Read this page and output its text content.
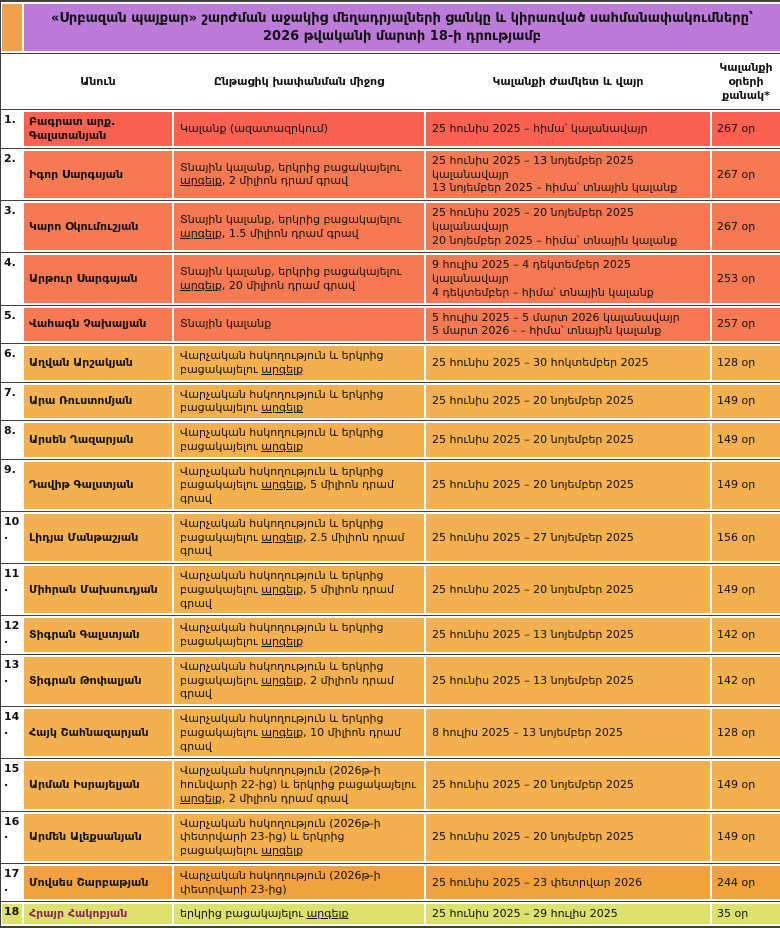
	«Սրբազան պայքար» շարժման աջակից մեղադրյալների ցանկը և կիրառված սահմանափակումները՝ 2026 թվականի մարտի 18-ի դրությամբ			
	Անուն	Ընթացիկ խափանման միջոց	Կալանքի ժամկետ և վայր	Կալանքի օրերի քանակ*
1.	Բագրատ արք. Գալստանյան	Կալանք (ազատազրկում)	25 հունիս 2025 – հիմա՝ կալանավայր	267 օր
2.	Իգոր Սարգսյան	Տնային կալանք, երկրից բացակայելու արգելք, 2 միլիոն դրամ գրավ	25 հունիս 2025 – 13 նոյեմբեր 2025 կալանավայր
13 նոյեմբեր 2025 – հիմա՝ տնային կալանք	267 օր
3.	Կարո Օկումուշյան	Տնային կալանք, երկրից բացակայելու արգելք, 1.5 միլիոն դրամ գրավ	25 հունիս 2025 – 20 նոյեմբեր 2025 կալանավայր
20 նոյեմբեր 2025 – հիմա՝ տնային կալանք	267 օր
4.	Արթուր Սարգսյան	Տնային կալանք, երկրից բացակայելու արգելք, 20 միլիոն դրամ գրավ	9 հուլիս 2025 – 4 դեկտեմբեր 2025 կալանավայր
4 դեկտեմբեր – հիմա՝ տնային կալանք	253 օր
5.	Վահագն Չախալյան	Տնային կալանք	5 հուլիս 2025 – 5 մարտ 2026 կալանավայր
5 մարտ 2026 - – հիմա՝ տնային կալանք	257 օր
6.	Աղվան Արշակյան	Վարչական հսկողություն և երկրից բացակայելու արգելք	25 հունիս 2025 – 30 հոկտեմբեր 2025	128 օր
7.	Արա Ռուստոմյան	Վարչական հսկողություն և երկրից բացակայելու արգելք	25 հունիս 2025 – 20 նոյեմբեր 2025	149 օր
8.	Արսեն Ղազարյան	Վարչական հսկողություն և երկրից բացակայելու արգելք	25 հունիս 2025 – 20 նոյեմբեր 2025	149 օր
9.	Դավիթ Գալստյան	Վարչական հսկողություն և երկրից բացակայելու արգելք, 5 միլիոն դրամ գրավ	25 հունիս 2025 – 20 նոյեմբեր 2025	149 օր
10.	Լիդյա Մանթաշյան	Վարչական հսկողություն և երկրից բացակայելու արգելք, 2.5 միլիոն դրամ գրավ	25 հունիս 2025 – 27 նոյեմբեր 2025	156 օր
11.	Միհրան Մախսուդյան	Վարչական հսկողություն և երկրից բացակայելու արգելք, 5 միլիոն դրամ գրավ	25 հունիս 2025 – 20 նոյեմբեր 2025	149 օր
12.	Տիգրան Գալստյան	Վարչական հսկողություն և երկրից բացակայելու արգելք	25 հունիս 2025 – 13 նոյեմբեր 2025	142 օր
13.	Տիգրան Թոփալյան	Վարչական հսկողություն և երկրից բացակայելու արգելք, 2 միլիոն դրամ գրավ	25 հունիս 2025 – 13 նոյեմբեր 2025	142 օր
14.	Հայկ Շահնազարյան	Վարչական հսկողություն և երկրից բացակայելու արգելք, 10 միլիոն դրամ գրավ	8 հուլիս 2025 – 13 նոյեմբեր 2025	128 օր
15.	Արման Իսրայելյան	Վարչական հսկողություն (2026թ-ի հունվարի 22-ից) և երկրից բացակայելու արգելք, 2 միլիոն դրամ գրավ	25 հունիս 2025 – 20 նոյեմբեր 2025	149 օր
16.	Արմեն Ալեքսանյան	Վարչական հսկողություն (2026թ-ի փետրվարի 23-ից) և երկրից բացակայելու արգելք	25 հունիս 2025 – 20 նոյեմբեր 2025	149 օր
17.	Մովսես Շարբաթյան	Վարչական հսկողություն (2026թ-ի փետրվարի 23-ից)	25 հունիս 2025 – 23 փետրվար 2026	244 օր
18	Հրայր Հակոբյան	երկրից բացակայելու արգելք	25 հունիս 2025 – 29 հուլիս 2025	35 օր
